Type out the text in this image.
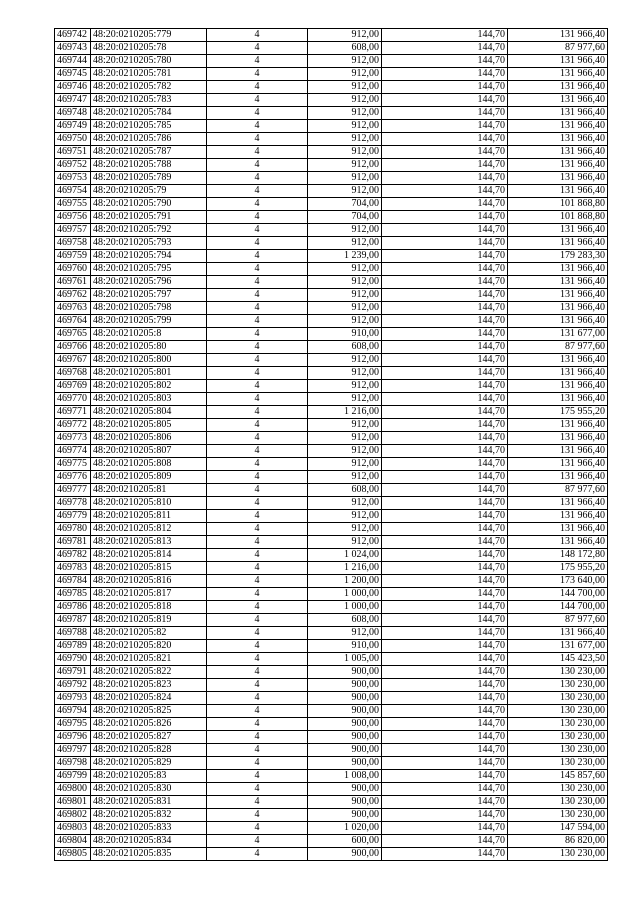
469742	48:20:0210205:779	4	912,00	144,70	131 966,40
469743	48:20:0210205:78	4	608,00	144,70	87 977,60
469744	48:20:0210205:780	4	912,00	144,70	131 966,40
469745	48:20:0210205:781	4	912,00	144,70	131 966,40
469746	48:20:0210205:782	4	912,00	144,70	131 966,40
469747	48:20:0210205:783	4	912,00	144,70	131 966,40
469748	48:20:0210205:784	4	912,00	144,70	131 966,40
469749	48:20:0210205:785	4	912,00	144,70	131 966,40
469750	48:20:0210205:786	4	912,00	144,70	131 966,40
469751	48:20:0210205:787	4	912,00	144,70	131 966,40
469752	48:20:0210205:788	4	912,00	144,70	131 966,40
469753	48:20:0210205:789	4	912,00	144,70	131 966,40
469754	48:20:0210205:79	4	912,00	144,70	131 966,40
469755	48:20:0210205:790	4	704,00	144,70	101 868,80
469756	48:20:0210205:791	4	704,00	144,70	101 868,80
469757	48:20:0210205:792	4	912,00	144,70	131 966,40
469758	48:20:0210205:793	4	912,00	144,70	131 966,40
469759	48:20:0210205:794	4	1 239,00	144,70	179 283,30
469760	48:20:0210205:795	4	912,00	144,70	131 966,40
469761	48:20:0210205:796	4	912,00	144,70	131 966,40
469762	48:20:0210205:797	4	912,00	144,70	131 966,40
469763	48:20:0210205:798	4	912,00	144,70	131 966,40
469764	48:20:0210205:799	4	912,00	144,70	131 966,40
469765	48:20:0210205:8	4	910,00	144,70	131 677,00
469766	48:20:0210205:80	4	608,00	144,70	87 977,60
469767	48:20:0210205:800	4	912,00	144,70	131 966,40
469768	48:20:0210205:801	4	912,00	144,70	131 966,40
469769	48:20:0210205:802	4	912,00	144,70	131 966,40
469770	48:20:0210205:803	4	912,00	144,70	131 966,40
469771	48:20:0210205:804	4	1 216,00	144,70	175 955,20
469772	48:20:0210205:805	4	912,00	144,70	131 966,40
469773	48:20:0210205:806	4	912,00	144,70	131 966,40
469774	48:20:0210205:807	4	912,00	144,70	131 966,40
469775	48:20:0210205:808	4	912,00	144,70	131 966,40
469776	48:20:0210205:809	4	912,00	144,70	131 966,40
469777	48:20:0210205:81	4	608,00	144,70	87 977,60
469778	48:20:0210205:810	4	912,00	144,70	131 966,40
469779	48:20:0210205:811	4	912,00	144,70	131 966,40
469780	48:20:0210205:812	4	912,00	144,70	131 966,40
469781	48:20:0210205:813	4	912,00	144,70	131 966,40
469782	48:20:0210205:814	4	1 024,00	144,70	148 172,80
469783	48:20:0210205:815	4	1 216,00	144,70	175 955,20
469784	48:20:0210205:816	4	1 200,00	144,70	173 640,00
469785	48:20:0210205:817	4	1 000,00	144,70	144 700,00
469786	48:20:0210205:818	4	1 000,00	144,70	144 700,00
469787	48:20:0210205:819	4	608,00	144,70	87 977,60
469788	48:20:0210205:82	4	912,00	144,70	131 966,40
469789	48:20:0210205:820	4	910,00	144,70	131 677,00
469790	48:20:0210205:821	4	1 005,00	144,70	145 423,50
469791	48:20:0210205:822	4	900,00	144,70	130 230,00
469792	48:20:0210205:823	4	900,00	144,70	130 230,00
469793	48:20:0210205:824	4	900,00	144,70	130 230,00
469794	48:20:0210205:825	4	900,00	144,70	130 230,00
469795	48:20:0210205:826	4	900,00	144,70	130 230,00
469796	48:20:0210205:827	4	900,00	144,70	130 230,00
469797	48:20:0210205:828	4	900,00	144,70	130 230,00
469798	48:20:0210205:829	4	900,00	144,70	130 230,00
469799	48:20:0210205:83	4	1 008,00	144,70	145 857,60
469800	48:20:0210205:830	4	900,00	144,70	130 230,00
469801	48:20:0210205:831	4	900,00	144,70	130 230,00
469802	48:20:0210205:832	4	900,00	144,70	130 230,00
469803	48:20:0210205:833	4	1 020,00	144,70	147 594,00
469804	48:20:0210205:834	4	600,00	144,70	86 820,00
469805	48:20:0210205:835	4	900,00	144,70	130 230,00
